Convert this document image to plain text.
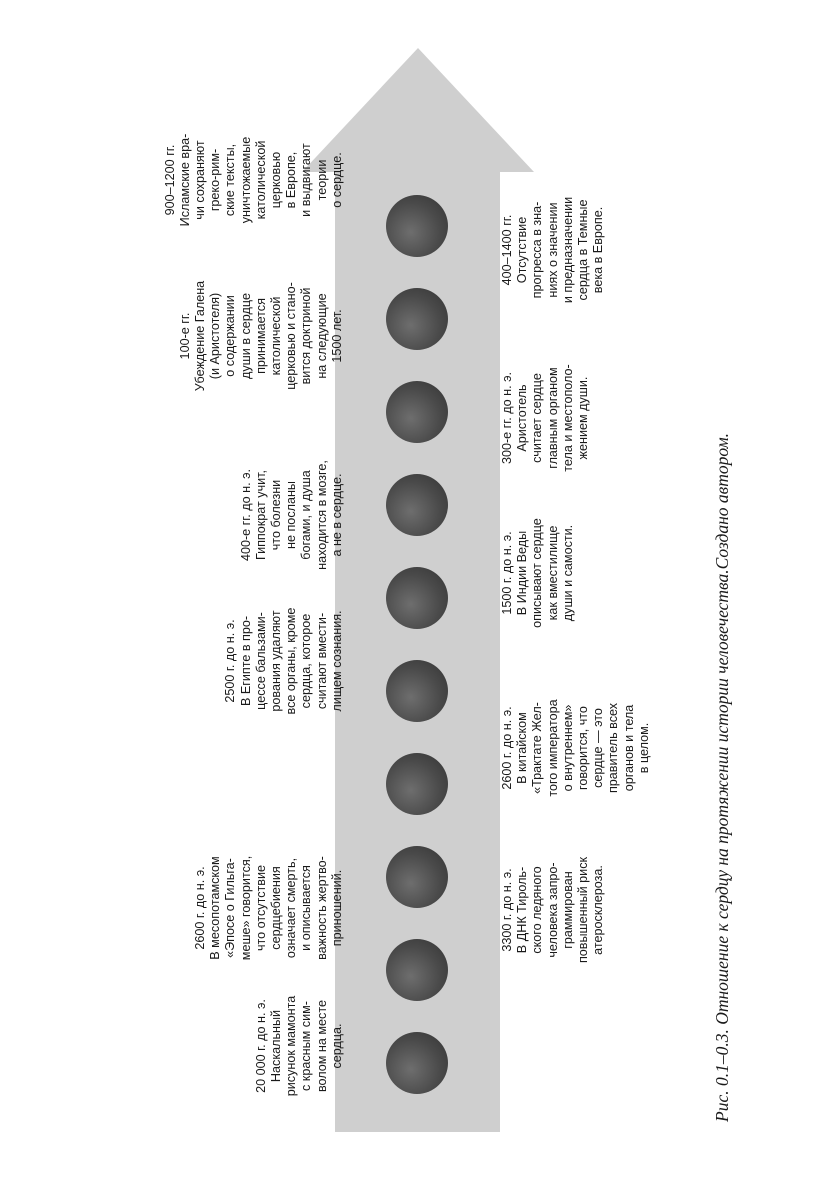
20 000 г. до н. э.
Наскальный
рисунок мамонта
с красным сим-
волом на месте
сердца.
2600 г. до н. э.
В месопотамском
«Эпосе о Гильга-
меше» говорится,
что отсутствие
сердцебиения
означает смерть,
и описывается
важность жертво-
приношений.
2500 г. до н. э.
В Египте в про-
цессе бальзами-
рования удаляют
все органы, кроме
сердца, которое
считают вмести-
лищем сознания.
400-е гг. до н. э.
Гиппократ учит,
что болезни
не посланы
богами, и душа
находится в мозге,
а не в сердце.
100-е гг.
Убеждение Галена
(и Аристотеля)
о содержании
души в сердце
принимается
католической
церковью и стано-
вится доктриной
на следующие
1500 лет.
900–1200 гг.
Исламские вра-
чи сохраняют
греко-рим-
ские тексты,
уничтожаемые
католической
церковью
в Европе,
и выдвигают
теории
о сердце.
3300 г. до н. э.
В ДНК Тироль-
ского ледяного
человека запро-
граммирован
повышенный риск
атеросклероза.
2600 г. до н. э.
В китайском
«Трактате Жел-
того императора
о внутреннем»
говорится, что
сердце — это
правитель всех
органов и тела
в целом.
1500 г. до н. э.
В Индии Веды
описывают сердце
как вместилище
души и самости.
300-е гг. до н. э.
Аристотель
считает сердце
главным органом
тела и местополо-
жением души.
400–1400 гг.
Отсутствие
прогресса в зна-
ниях о значении
и предназначении
сердца в Темные
века в Европе.
Рис. 0.1–0.3. Отношение к сердцу на протяжении истории человечества.Создано автором.
